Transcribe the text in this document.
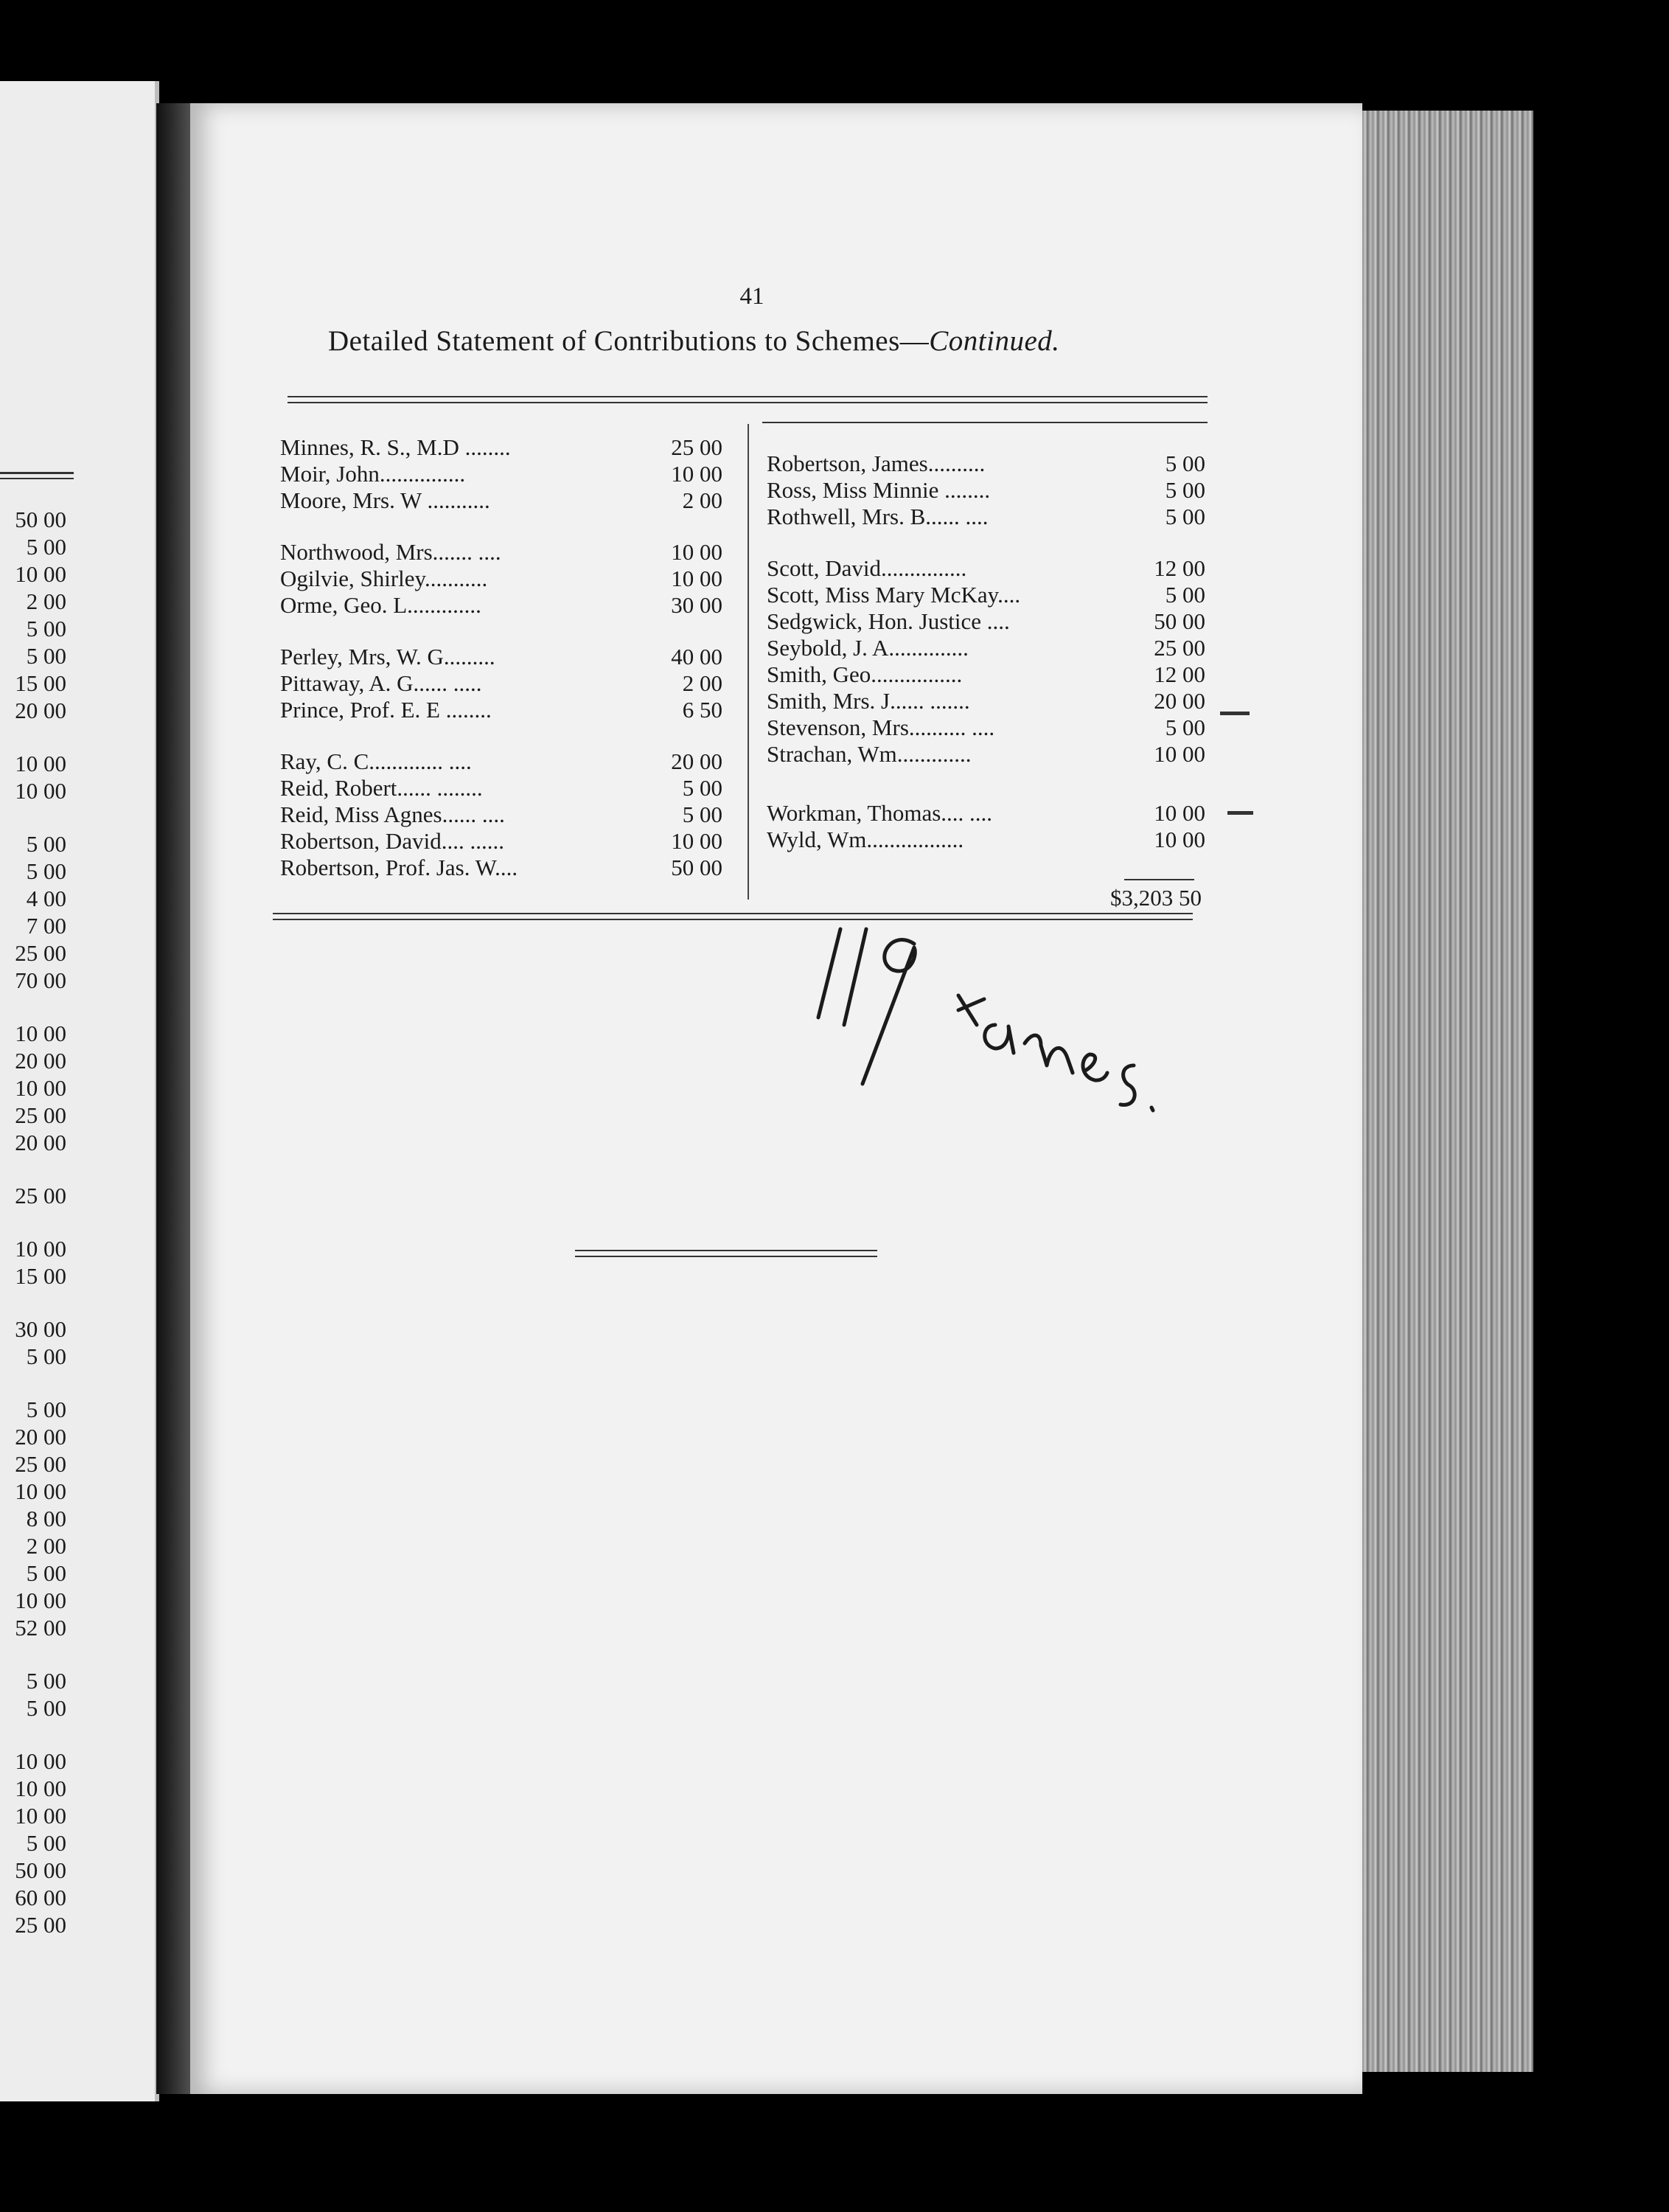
50 00
5 00
10 00
2 00
5 00
5 00
15 00
20 00
10 00
10 00
5 00
5 00
4 00
7 00
25 00
70 00
10 00
20 00
10 00
25 00
20 00
25 00
10 00
15 00
30 00
5 00
5 00
20 00
25 00
10 00
8 00
2 00
5 00
10 00
52 00
5 00
5 00
10 00
10 00
10 00
5 00
50 00
60 00
25 00
41
Detailed Statement of Contributions to Schemes—Continued.
Minnes, R. S., M.D ........	25 00
Moir, John...............	10 00
Moore, Mrs. W ...........	2 00
Northwood, Mrs....... ....	10 00
Ogilvie, Shirley...........	10 00
Orme, Geo. L.............	30 00
Perley, Mrs, W. G.........	40 00
Pittaway, A. G...... .....	2 00
Prince, Prof. E. E ........	6 50
Ray, C. C............. ....	20 00
Reid, Robert...... ........	5 00
Reid, Miss Agnes...... ....	5 00
Robertson, David.... ......	10 00
Robertson, Prof. Jas. W....	50 00
Robertson, James..........	5 00
Ross, Miss Minnie ........	5 00
Rothwell, Mrs. B...... ....	5 00
Scott, David...............	12 00
Scott, Miss Mary McKay....	5 00
Sedgwick, Hon. Justice ....	50 00
Seybold, J. A..............	25 00
Smith, Geo................	12 00
Smith, Mrs. J...... .......	20 00
Stevenson, Mrs.......... ....	5 00
Strachan, Wm.............	10 00
Workman, Thomas.... ....	10 00
Wyld, Wm.................	10 00
$3,203 50
